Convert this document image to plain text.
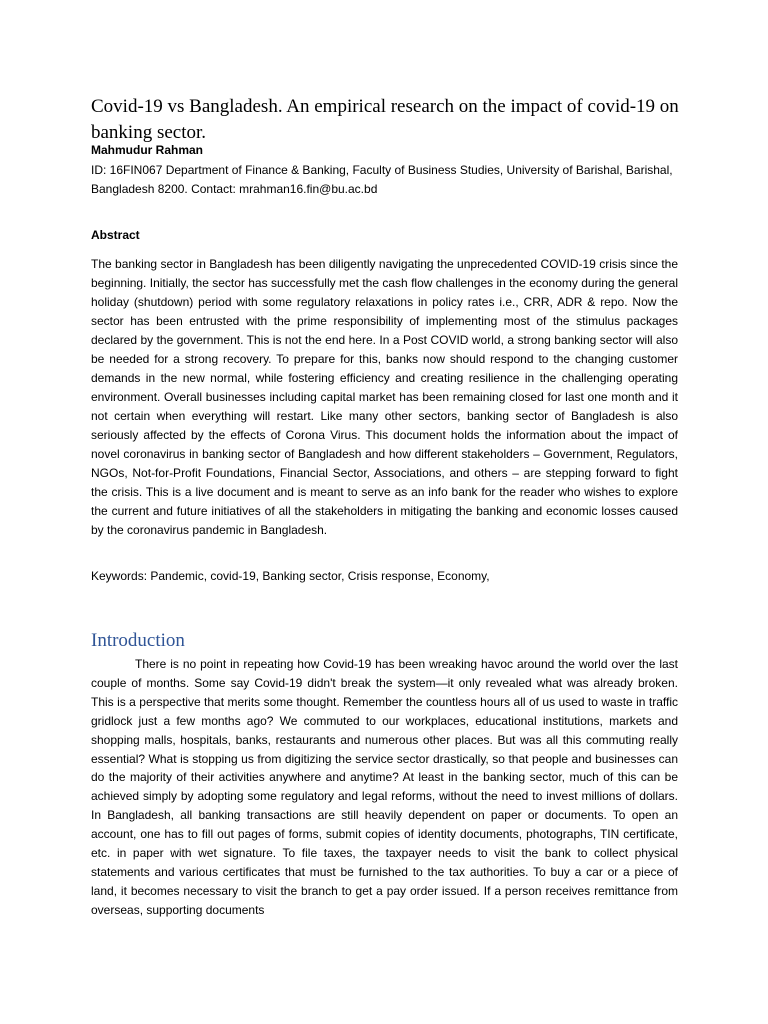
Covid-19 vs Bangladesh. An empirical research on the impact of covid-19 on banking sector.

Mahmudur Rahman

ID: 16FIN067 Department of Finance & Banking, Faculty of Business Studies, University of Barishal, Barishal, Bangladesh 8200. Contact: mrahman16.fin@bu.ac.bd

Abstract

The banking sector in Bangladesh has been diligently navigating the unprecedented COVID-19 crisis since the beginning. Initially, the sector has successfully met the cash flow challenges in the economy during the general holiday (shutdown) period with some regulatory relaxations in policy rates i.e., CRR, ADR & repo. Now the sector has been entrusted with the prime responsibility of implementing most of the stimulus packages declared by the government. This is not the end here. In a Post COVID world, a strong banking sector will also be needed for a strong recovery. To prepare for this, banks now should respond to the changing customer demands in the new normal, while fostering efficiency and creating resilience in the challenging operating environment. Overall businesses including capital market has been remaining closed for last one month and it not certain when everything will restart. Like many other sectors, banking sector of Bangladesh is also seriously affected by the effects of Corona Virus. This document holds the information about the impact of novel coronavirus in banking sector of Bangladesh and how different stakeholders – Government, Regulators, NGOs, Not-for-Profit Foundations, Financial Sector, Associations, and others – are stepping forward to fight the crisis. This is a live document and is meant to serve as an info bank for the reader who wishes to explore the current and future initiatives of all the stakeholders in mitigating the banking and economic losses caused by the coronavirus pandemic in Bangladesh.

Keywords: Pandemic, covid-19, Banking sector, Crisis response, Economy,

Introduction

There is no point in repeating how Covid-19 has been wreaking havoc around the world over the last couple of months. Some say Covid-19 didn't break the system—it only revealed what was already broken. This is a perspective that merits some thought. Remember the countless hours all of us used to waste in traffic gridlock just a few months ago? We commuted to our workplaces, educational institutions, markets and shopping malls, hospitals, banks, restaurants and numerous other places. But was all this commuting really essential? What is stopping us from digitizing the service sector drastically, so that people and businesses can do the majority of their activities anywhere and anytime? At least in the banking sector, much of this can be achieved simply by adopting some regulatory and legal reforms, without the need to invest millions of dollars. In Bangladesh, all banking transactions are still heavily dependent on paper or documents. To open an account, one has to fill out pages of forms, submit copies of identity documents, photographs, TIN certificate, etc. in paper with wet signature. To file taxes, the taxpayer needs to visit the bank to collect physical statements and various certificates that must be furnished to the tax authorities. To buy a car or a piece of land, it becomes necessary to visit the branch to get a pay order issued. If a person receives remittance from overseas, supporting documents
